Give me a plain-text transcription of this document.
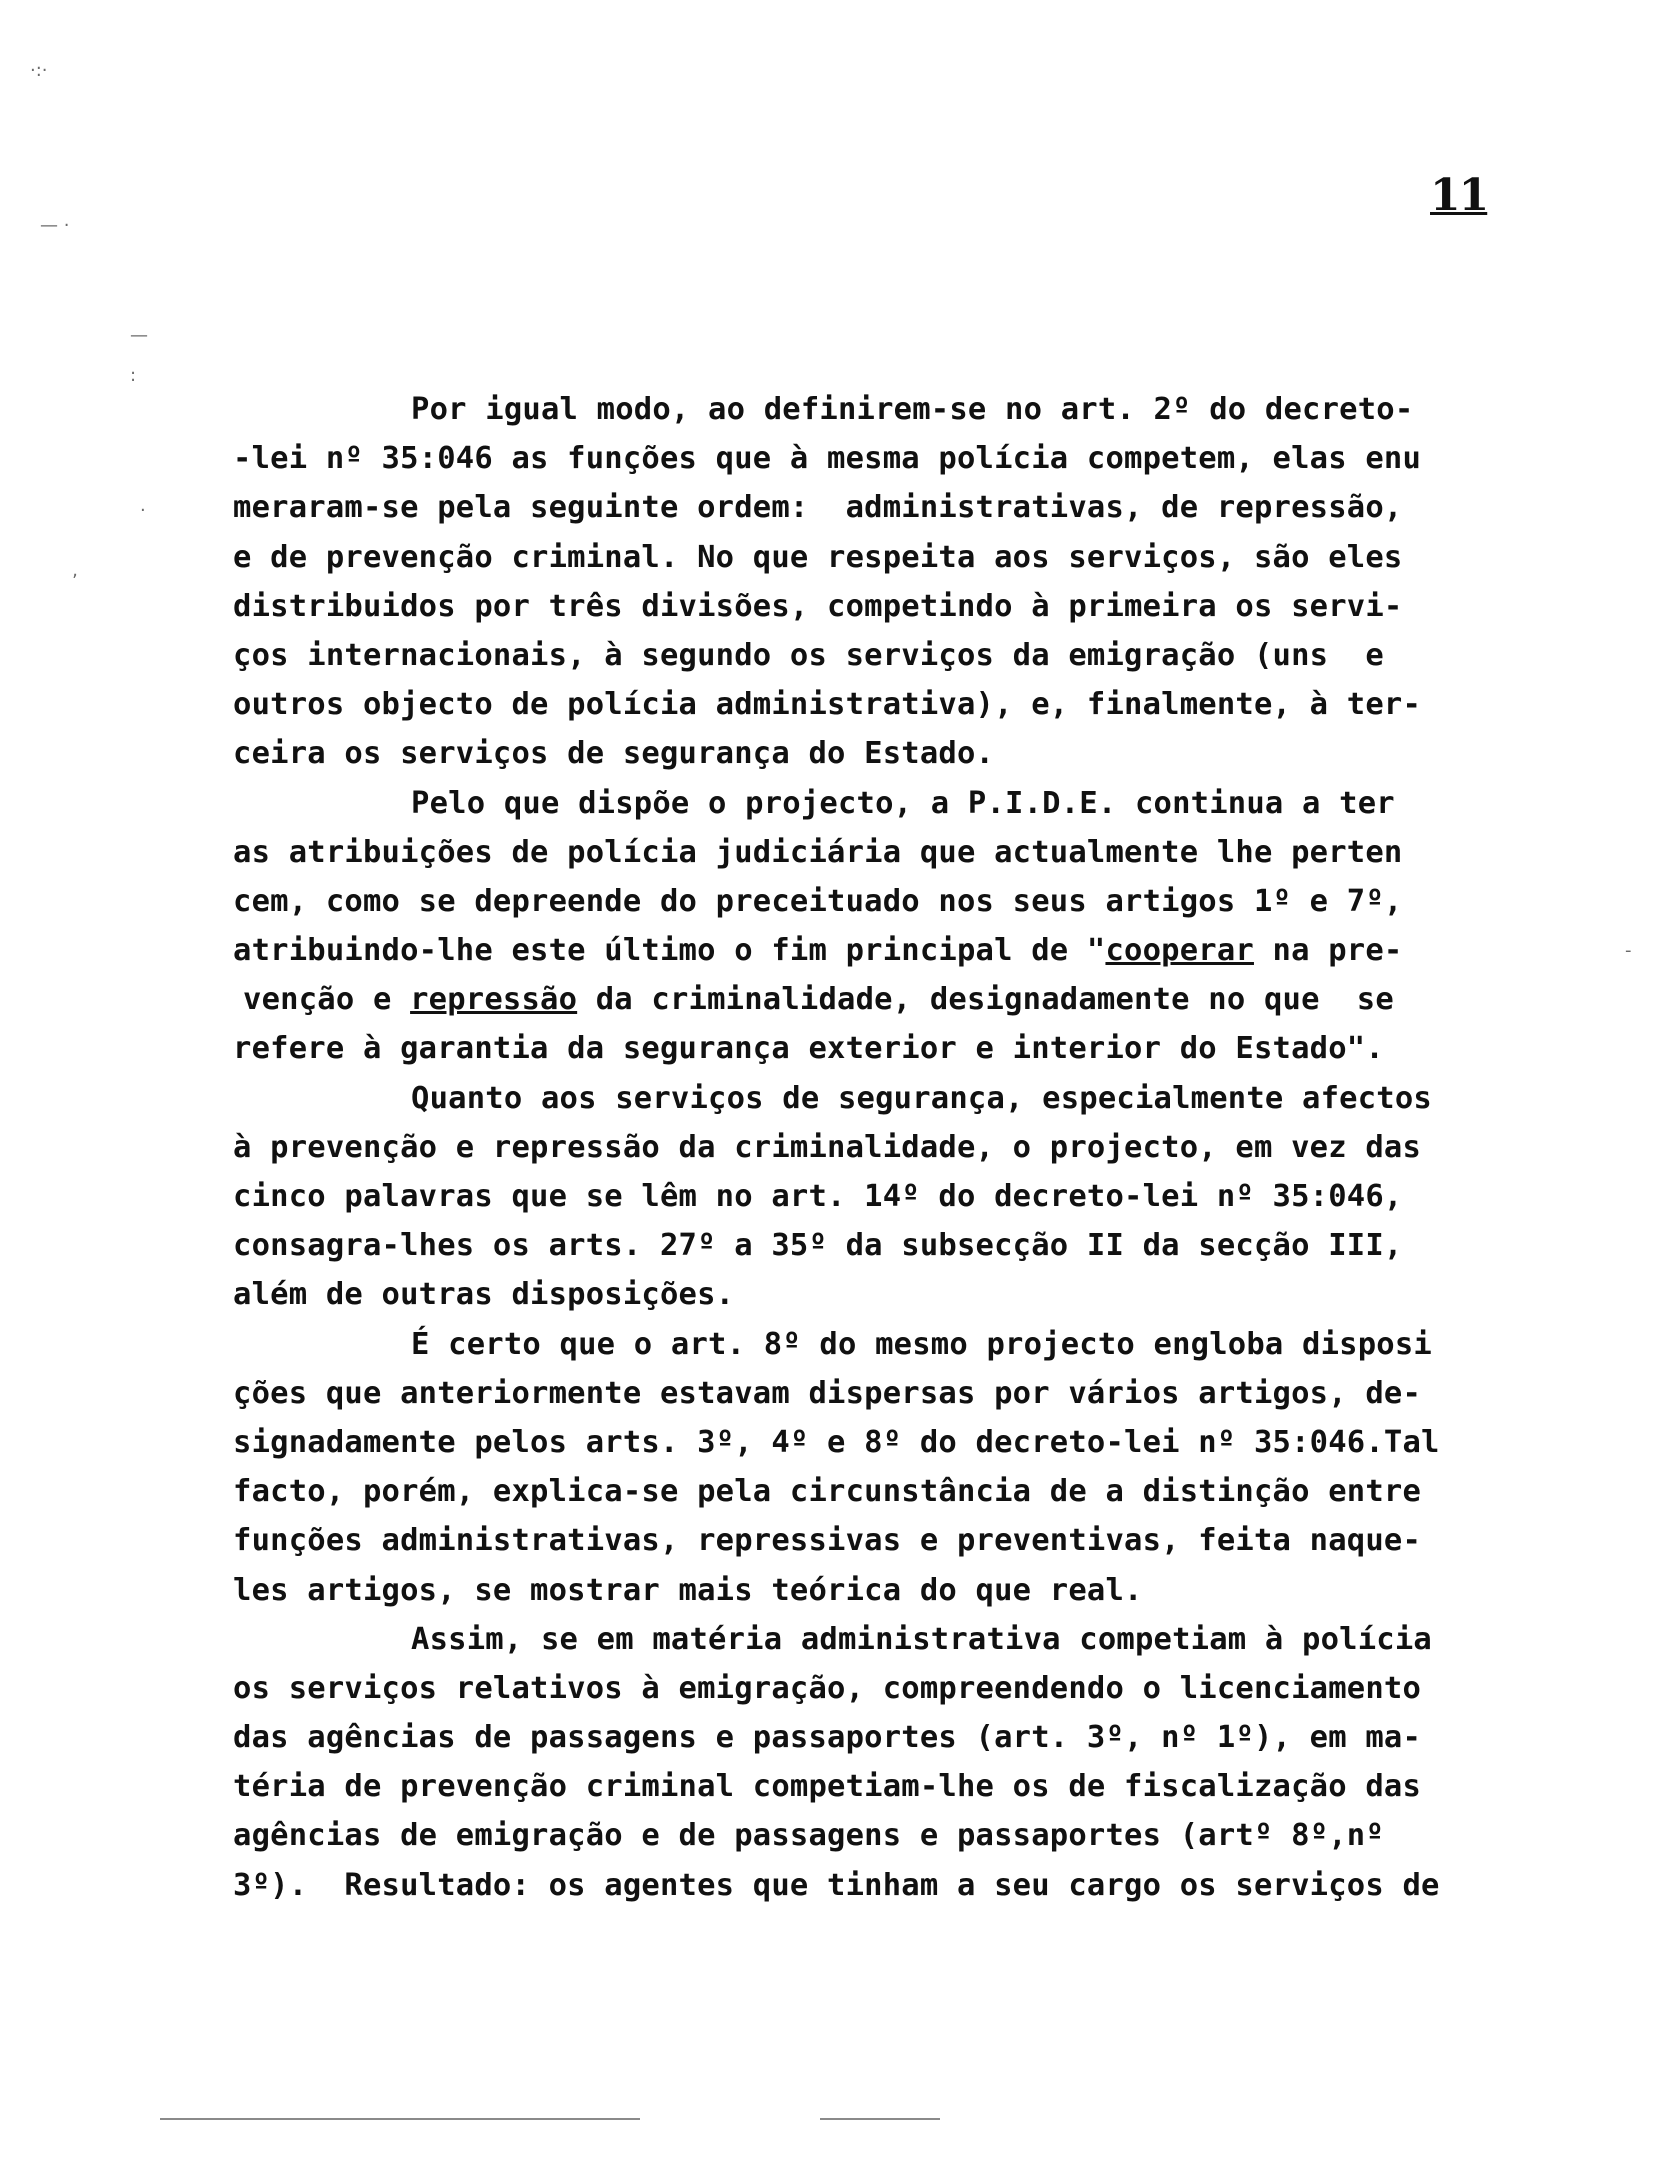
·:·
— ·
—
:
·
‚
-
11
Por igual modo, ao definirem-se no art. 2º do decreto-
-lei nº 35:046 as funções que à mesma polícia competem, elas enu
meraram-se pela seguinte ordem:  administrativas, de repressão,
e de prevenção criminal. No que respeita aos serviços, são eles
distribuidos por três divisões, competindo à primeira os servi-
ços internacionais, à segundo os serviços da emigração (uns  e
outros objecto de polícia administrativa), e, finalmente, à ter-
ceira os serviços de segurança do Estado.
Pelo que dispõe o projecto, a P.I.D.E. continua a ter
as atribuições de polícia judiciária que actualmente lhe perten
cem, como se depreende do preceituado nos seus artigos 1º e 7º,
atribuindo-lhe este último o fim principal de "cooperar na pre-
venção e repressão da criminalidade, designadamente no que  se
refere à garantia da segurança exterior e interior do Estado".
Quanto aos serviços de segurança, especialmente afectos
à prevenção e repressão da criminalidade, o projecto, em vez das
cinco palavras que se lêm no art. 14º do decreto-lei nº 35:046,
consagra-lhes os arts. 27º a 35º da subsecção II da secção III,
além de outras disposições.
É certo que o art. 8º do mesmo projecto engloba disposi
ções que anteriormente estavam dispersas por vários artigos, de-
signadamente pelos arts. 3º, 4º e 8º do decreto-lei nº 35:046.Tal
facto, porém, explica-se pela circunstância de a distinção entre
funções administrativas, repressivas e preventivas, feita naque-
les artigos, se mostrar mais teórica do que real.
Assim, se em matéria administrativa competiam à polícia
os serviços relativos à emigração, compreendendo o licenciamento
das agências de passagens e passaportes (art. 3º, nº 1º), em ma-
téria de prevenção criminal competiam-lhe os de fiscalização das
agências de emigração e de passagens e passaportes (artº 8º,nº
3º).  Resultado: os agentes que tinham a seu cargo os serviços de
